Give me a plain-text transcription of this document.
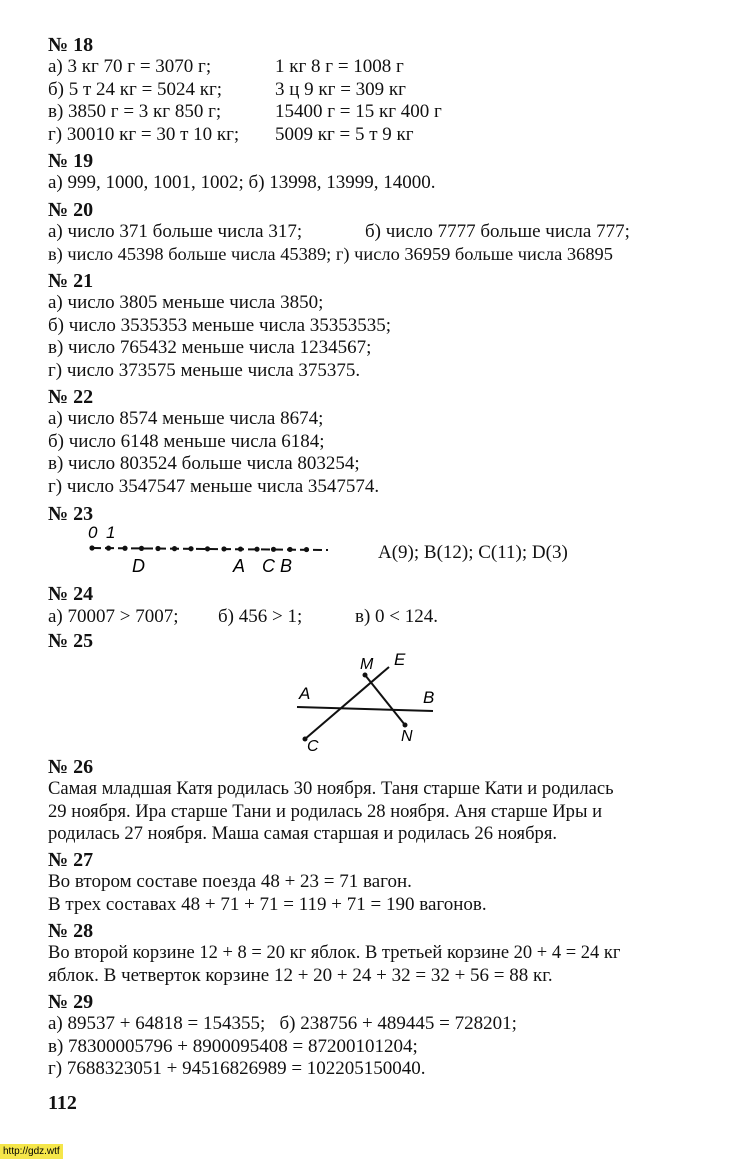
№ 18
а) 3 кг 70 г = 3070 г;	1 кг 8 г = 1008 г
б) 5 т 24 кг = 5024 кг;	3 ц 9 кг = 309 кг
в) 3850 г = 3 кг 850 г;	15400 г = 15 кг 400 г
г) 30010 кг = 30 т 10 кг; 5009 кг = 5 т 9 кг
№ 19
а) 999, 1000, 1001, 1002; б) 13998, 13999, 14000.
№ 20
а) число 371 больше числа 317;	б) число 7777 больше числа 777;
в) число 45398 больше числа 45389; г) число 36959 больше числа 36895
№ 21
а) число 3805 меньше числа 3850;
б) число 3535353 меньше числа 35353535;
в) число 765432 меньше числа 1234567;
г) число 373575 меньше числа 375375.
№ 22
а) число 8574 меньше числа 8674;
б) число 6148 меньше числа 6184;
в) число 803524 больше числа 803254;
г) число 3547547 меньше числа 3547574.
№ 23
0 1
D	A C B
A(9); B(12); C(11); D(3)
№ 24
а) 70007 > 7007; б) 456 > 1;	в) 0 < 124.
№ 25
M E
A	B
C
N
№ 26
Самая младшая Катя родилась 30 ноября. Таня старше Кати и родилась
29 ноября. Ира старше Тани и родилась 28 ноября. Аня старше Иры и
родилась 27 ноября. Маша самая старшая и родилась 26 ноября.
№ 27
Во втором составе поезда 48 + 23 = 71 вагон.
В трех составах 48 + 71 + 71 = 119 + 71 = 190 вагонов.
№ 28
Во второй корзине 12 + 8 = 20 кг яблок. В третьей корзине 20 + 4 = 24 кг
яблок. В четверток корзине 12 + 20 + 24 + 32 = 32 + 56 = 88 кг.
№ 29
а) 89537 + 64818 = 154355;   б) 238756 + 489445 = 728201;
в) 78300005796 + 8900095408 = 87200101204;
г) 7688323051 + 94516826989 = 102205150040.
112
http://gdz.wtf
